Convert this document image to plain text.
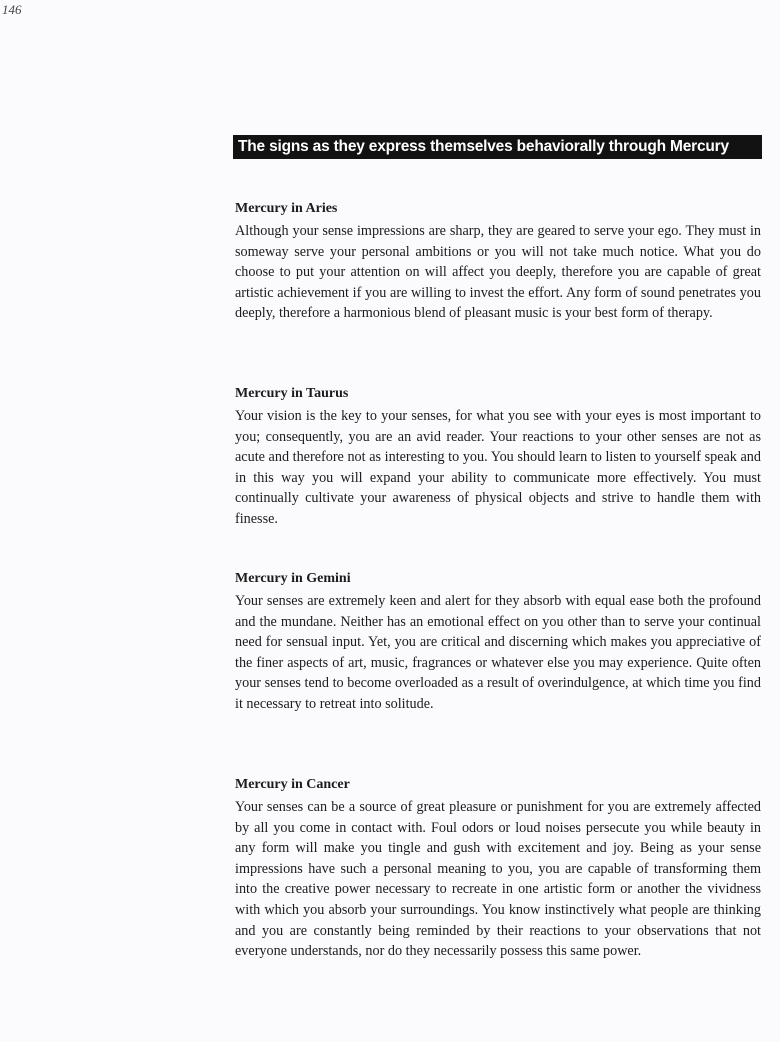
146
The signs as they express themselves behaviorally through Mercury
Mercury in Aries

Although your sense impressions are sharp, they are geared to serve your ego. They must in someway serve your personal ambitions or you will not take much notice. What you do choose to put your attention on will affect you deeply, therefore you are capable of great artistic achievement if you are willing to invest the effort. Any form of sound penetrates you deeply, therefore a harmonious blend of pleasant music is your best form of therapy.

Mercury in Taurus

Your vision is the key to your senses, for what you see with your eyes is most important to you; consequently, you are an avid reader. Your reactions to your other senses are not as acute and therefore not as interesting to you. You should learn to listen to yourself speak and in this way you will expand your ability to communicate more effectively. You must continually cultivate your awareness of physical objects and strive to handle them with finesse.

Mercury in Gemini

Your senses are extremely keen and alert for they absorb with equal ease both the profound and the mundane. Neither has an emotional effect on you other than to serve your continual need for sensual input. Yet, you are critical and discerning which makes you appreciative of the finer aspects of art, music, fragrances or whatever else you may experience. Quite often your senses tend to become overloaded as a result of overindulgence, at which time you find it necessary to retreat into solitude.

Mercury in Cancer

Your senses can be a source of great pleasure or punishment for you are extremely affected by all you come in contact with. Foul odors or loud noises persecute you while beauty in any form will make you tingle and gush with excitement and joy. Being as your sense impressions have such a personal meaning to you, you are capable of transforming them into the creative power necessary to recreate in one artistic form or another the vividness with which you absorb your surroundings. You know instinctively what people are thinking and you are constantly being reminded by their reactions to your observations that not everyone understands, nor do they necessarily possess this same power.
